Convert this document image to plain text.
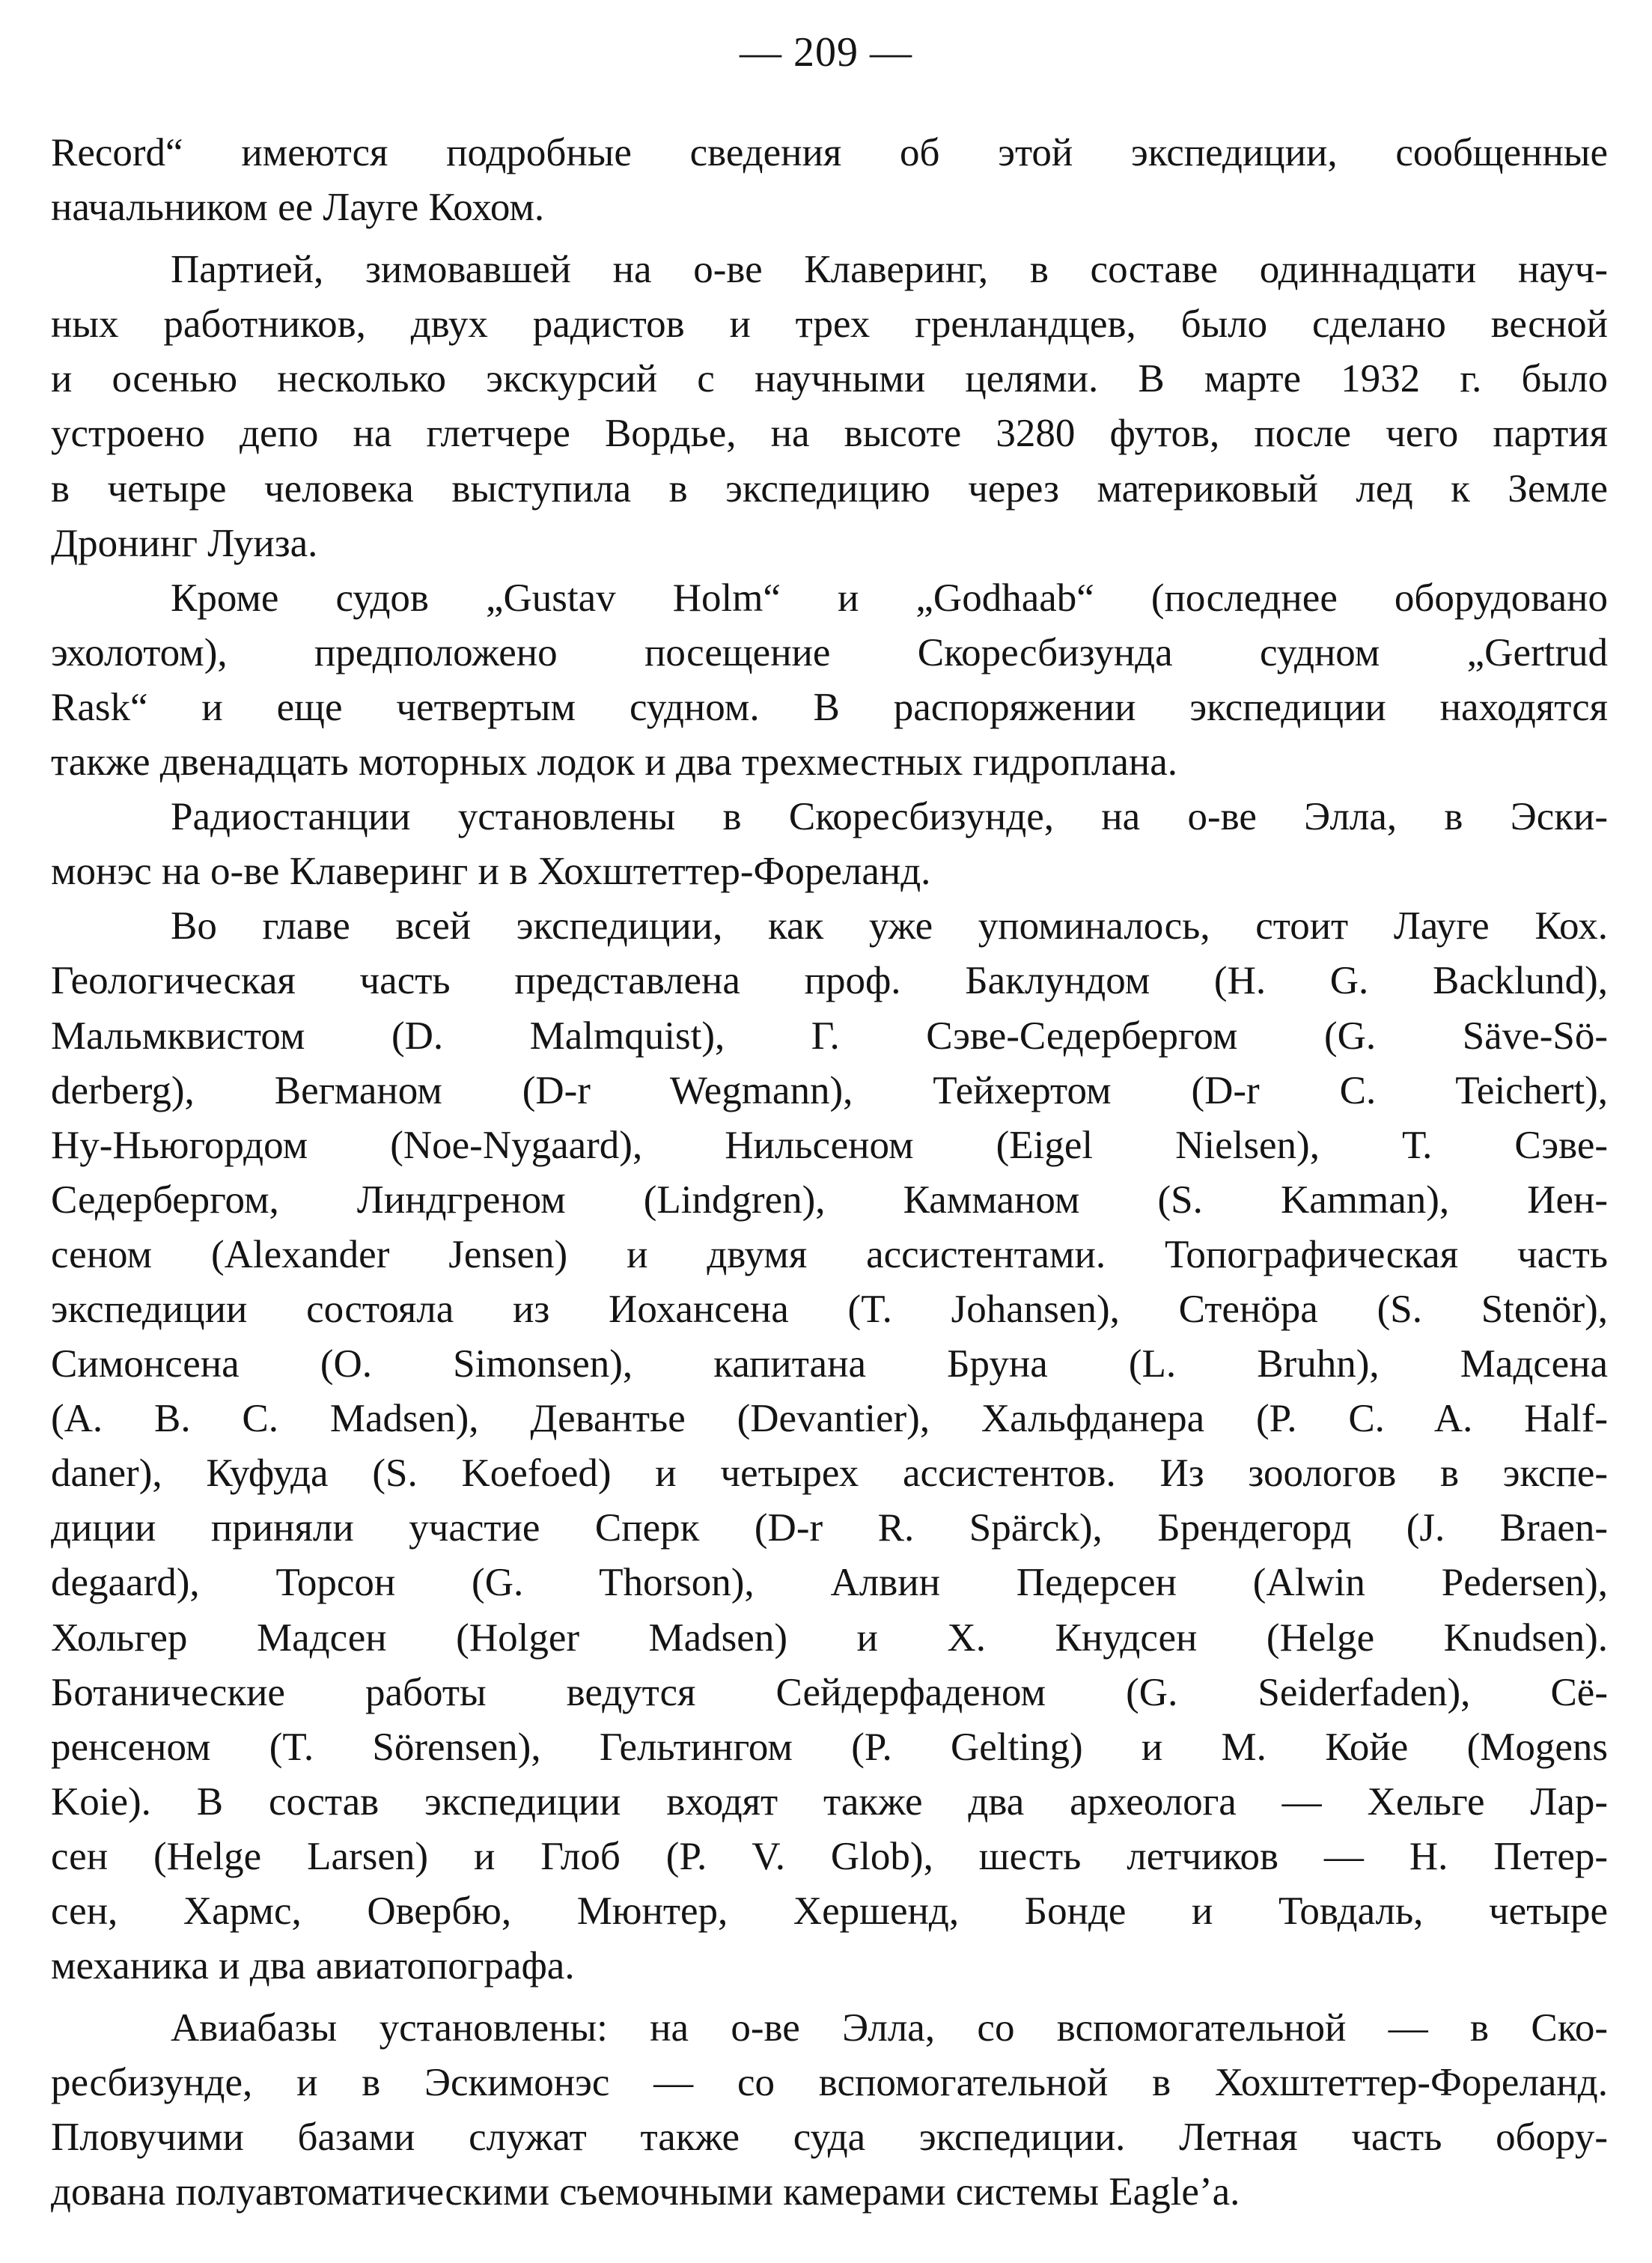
— 209 —
Record“ имеются подробные сведения об этой экспедиции, сообщенные
начальником ее Лауге Кохом.
Партией, зимовавшей на о-ве Клаверинг, в составе одиннадцати науч-
ных работников, двух радистов и трех гренландцев, было сделано весной
и осенью несколько экскурсий с научными целями. В марте 1932 г. было
устроено депо на глетчере Вордье, на высоте 3280 футов, после чего партия
в четыре человека выступила в экспедицию через материковый лед к Земле
Дронинг Луиза.
Кроме судов „Gustav Holm“ и „Godhaab“ (последнее оборудовано
эхолотом), предположено посещение Скоресбизунда судном „Gertrud
Rask“ и еще четвертым судном. В распоряжении экспедиции находятся
также двенадцать моторных лодок и два трехместных гидроплана.
Радиостанции установлены в Скоресбизунде, на о-ве Элла, в Эски-
монэс на о-ве Клаверинг и в Хохштеттер-Фореланд.
Во главе всей экспедиции, как уже упоминалось, стоит Лауге Кох.
Геологическая часть представлена проф. Баклундом (H. G. Backlund),
Мальмквистом (D. Malmquist), Г. Сэве-Седербергом (G. Säve-Sö-
derberg), Вегманом (D-r Wegmann), Тейхертом (D-r C. Teichert),
Ну-Ньюгордом (Noe-Nygaard), Нильсеном (Eigel Nielsen), Т. Сэве-
Седербергом, Линдгреном (Lindgren), Камманом (S. Kamman), Иен-
сеном (Alexander Jensen) и двумя ассистентами. Топографическая часть
экспедиции состояла из Иохансена (T. Johansen), Стенöра (S. Stenör),
Симонсена (O. Simonsen), капитана Бруна (L. Bruhn), Мадсена
(A. B. C. Madsen), Девантье (Devantier), Хальфданера (P. C. A. Half-
daner), Куфуда (S. Koefoed) и четырех ассистентов. Из зоологов в экспе-
диции приняли участие Сперк (D-r R. Spärck), Брендегорд (J. Braen-
degaard), Торсон (G. Thorson), Алвин Педерсен (Alwin Pedersen),
Хольгер Мадсен (Holger Madsen) и Х. Кнудсен (Helge Knudsen).
Ботанические работы ведутся Сейдерфаденом (G. Seiderfaden), Сё-
ренсеном (T. Sörensen), Гельтингом (P. Gelting) и М. Койе (Mogens
Koie). В состав экспедиции входят также два археолога — Хельге Лар-
сен (Helge Larsen) и Глоб (P. V. Glob), шесть летчиков — Н. Петер-
сен, Хармс, Овербю, Мюнтер, Хершенд, Бонде и Товдаль, четыре
механика и два авиатопографа.
Авиабазы установлены: на о-ве Элла, со вспомогательной — в Ско-
ресбизунде, и в Эскимонэс — со вспомогательной в Хохштеттер-Фореланд.
Пловучими базами служат также суда экспедиции. Летная часть обору-
дована полуавтоматическими съемочными камерами системы Eagle’a.
